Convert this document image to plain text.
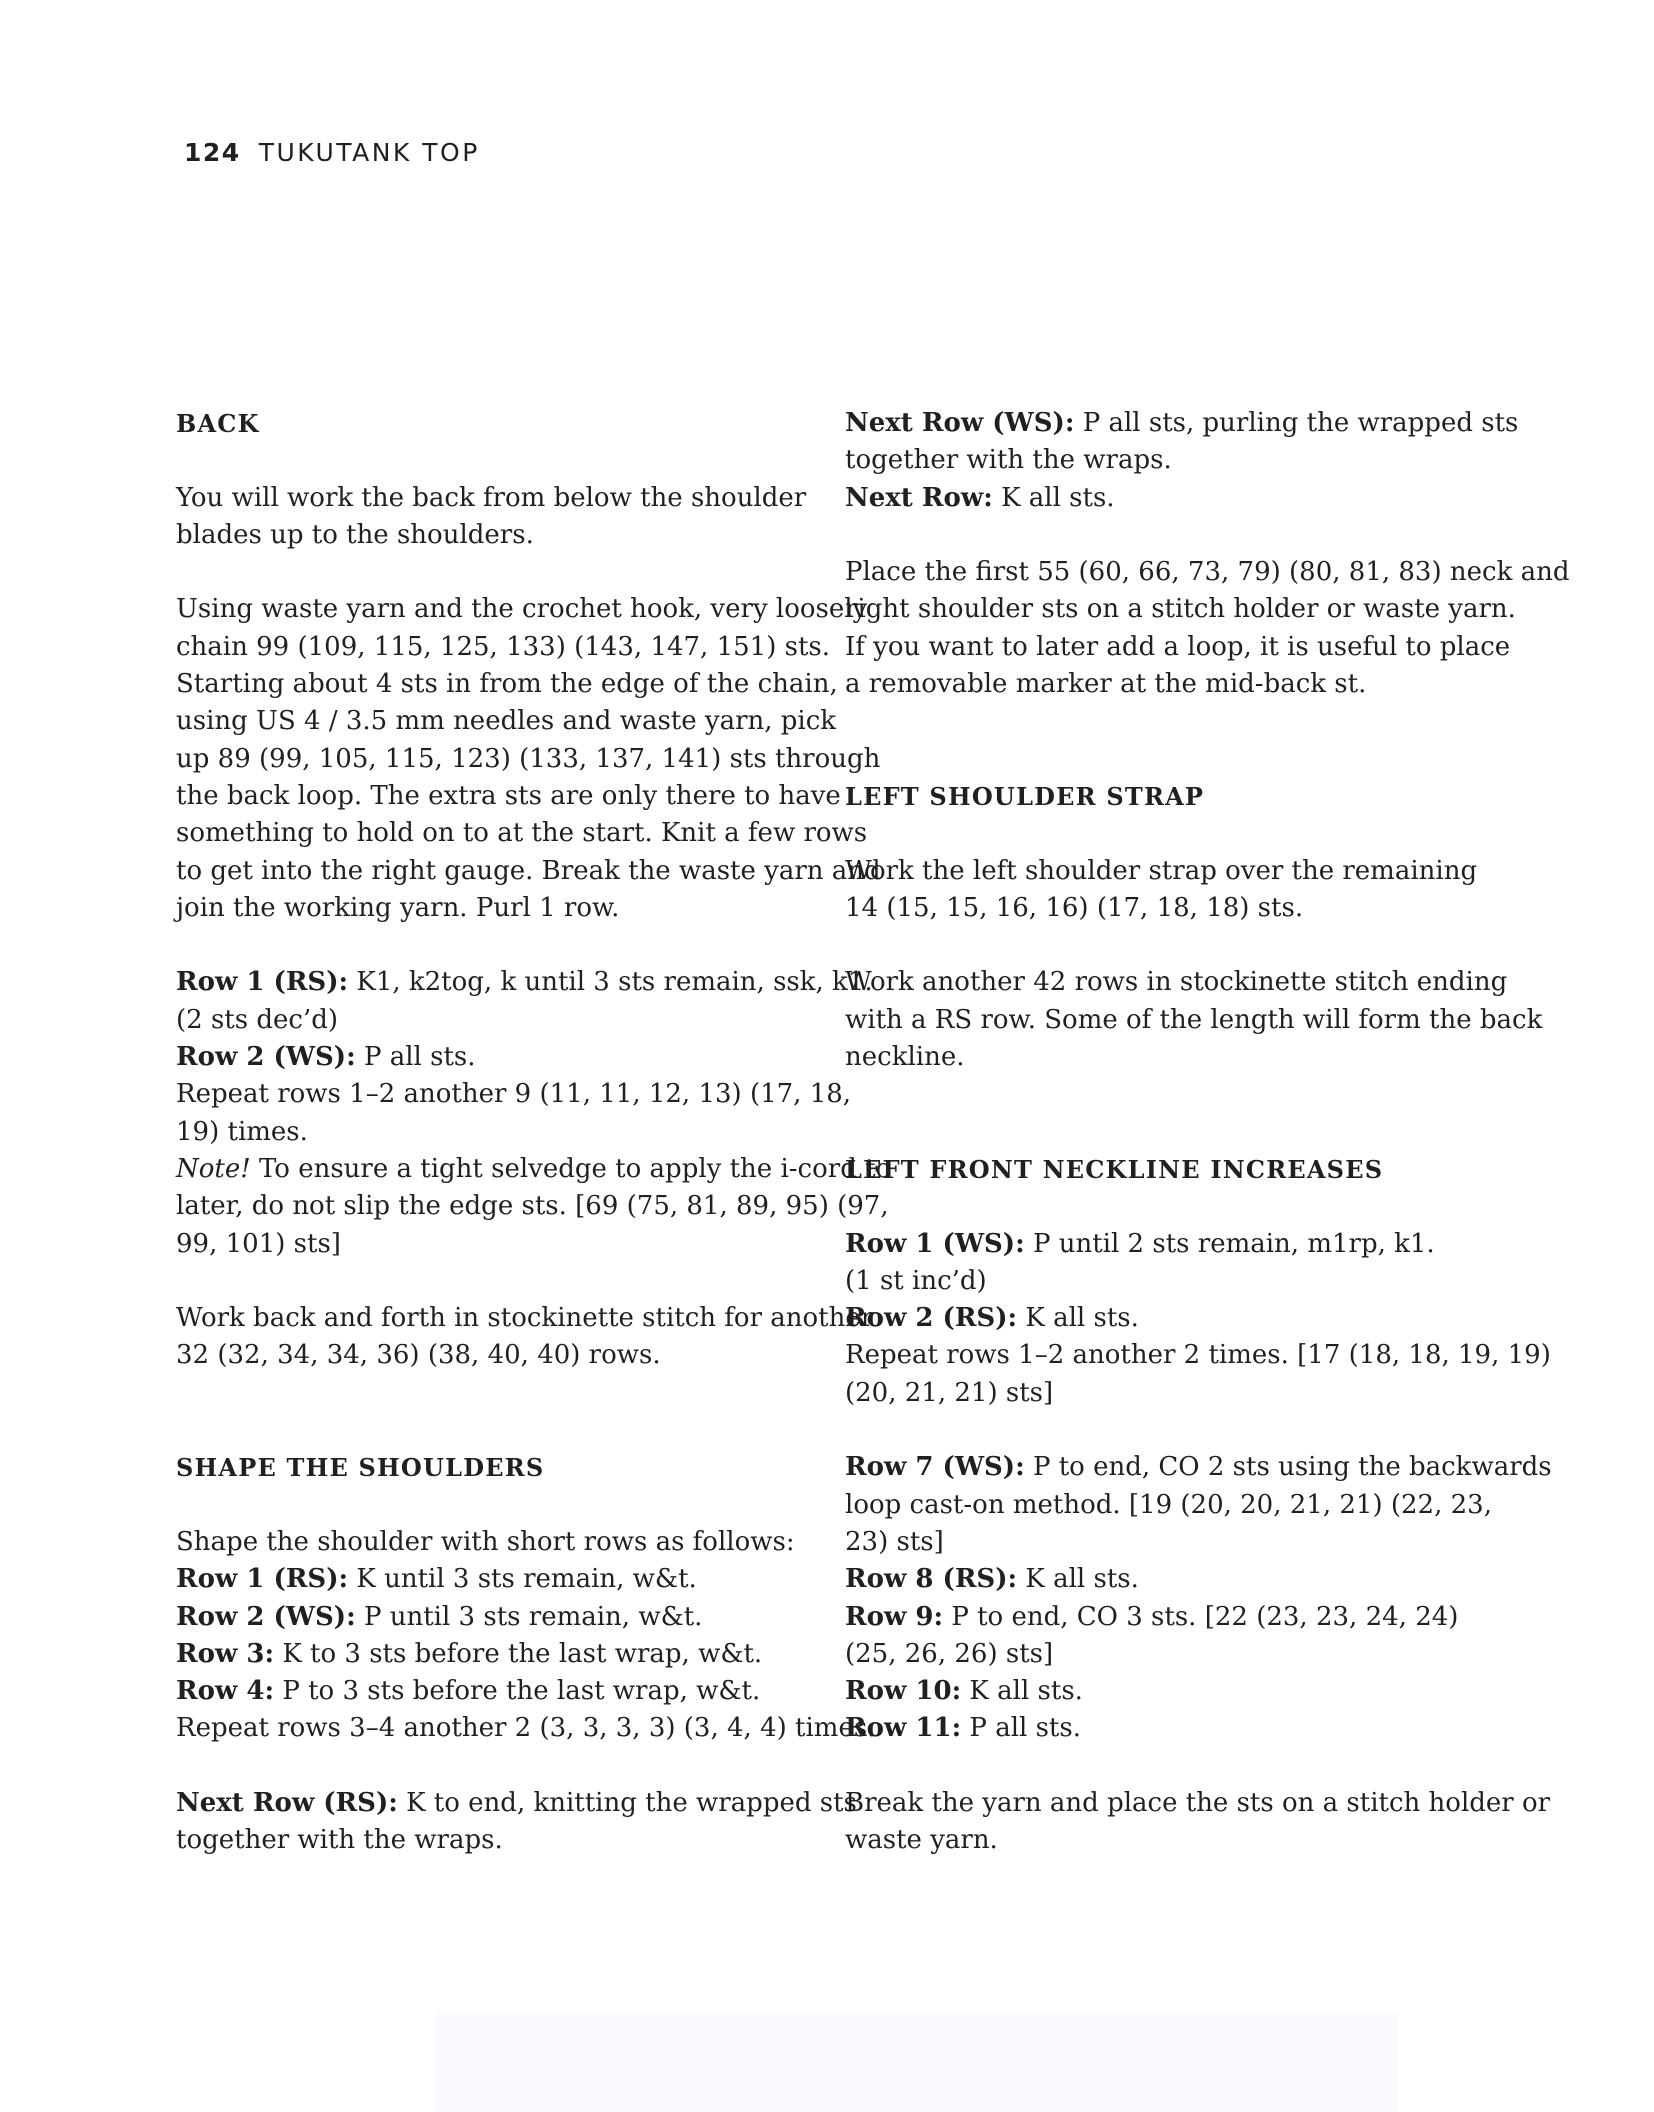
124 TUKUTANK TOP

BACK

You will work the back from below the shoulder
blades up to the shoulders.

Using waste yarn and the crochet hook, very loosely
chain 99 (109, 115, 125, 133) (143, 147, 151) sts.
Starting about 4 sts in from the edge of the chain,
using US 4 / 3.5 mm needles and waste yarn, pick
up 89 (99, 105, 115, 123) (133, 137, 141) sts through
the back loop. The extra sts are only there to have
something to hold on to at the start. Knit a few rows
to get into the right gauge. Break the waste yarn and
join the working yarn. Purl 1 row.

Row 1 (RS): K1, k2tog, k until 3 sts remain, ssk, k1.
(2 sts dec’d)
Row 2 (WS): P all sts.
Repeat rows 1–2 another 9 (11, 11, 12, 13) (17, 18,
19) times.
Note! To ensure a tight selvedge to apply the i-cord to
later, do not slip the edge sts. [69 (75, 81, 89, 95) (97,
99, 101) sts]

Work back and forth in stockinette stitch for another
32 (32, 34, 34, 36) (38, 40, 40) rows.

SHAPE THE SHOULDERS

Shape the shoulder with short rows as follows:
Row 1 (RS): K until 3 sts remain, w&t.
Row 2 (WS): P until 3 sts remain, w&t.
Row 3: K to 3 sts before the last wrap, w&t.
Row 4: P to 3 sts before the last wrap, w&t.
Repeat rows 3–4 another 2 (3, 3, 3, 3) (3, 4, 4) times.

Next Row (RS): K to end, knitting the wrapped sts
together with the wraps.

Next Row (WS): P all sts, purling the wrapped sts
together with the wraps.
Next Row: K all sts.

Place the first 55 (60, 66, 73, 79) (80, 81, 83) neck and
right shoulder sts on a stitch holder or waste yarn.
If you want to later add a loop, it is useful to place
a removable marker at the mid-back st.

LEFT SHOULDER STRAP

Work the left shoulder strap over the remaining
14 (15, 15, 16, 16) (17, 18, 18) sts.

Work another 42 rows in stockinette stitch ending
with a RS row. Some of the length will form the back
neckline.

LEFT FRONT NECKLINE INCREASES

Row 1 (WS): P until 2 sts remain, m1rp, k1.
(1 st inc’d)
Row 2 (RS): K all sts.
Repeat rows 1–2 another 2 times. [17 (18, 18, 19, 19)
(20, 21, 21) sts]

Row 7 (WS): P to end, CO 2 sts using the backwards
loop cast-on method. [19 (20, 20, 21, 21) (22, 23,
23) sts]
Row 8 (RS): K all sts.
Row 9: P to end, CO 3 sts. [22 (23, 23, 24, 24)
(25, 26, 26) sts]
Row 10: K all sts.
Row 11: P all sts.

Break the yarn and place the sts on a stitch holder or
waste yarn.
